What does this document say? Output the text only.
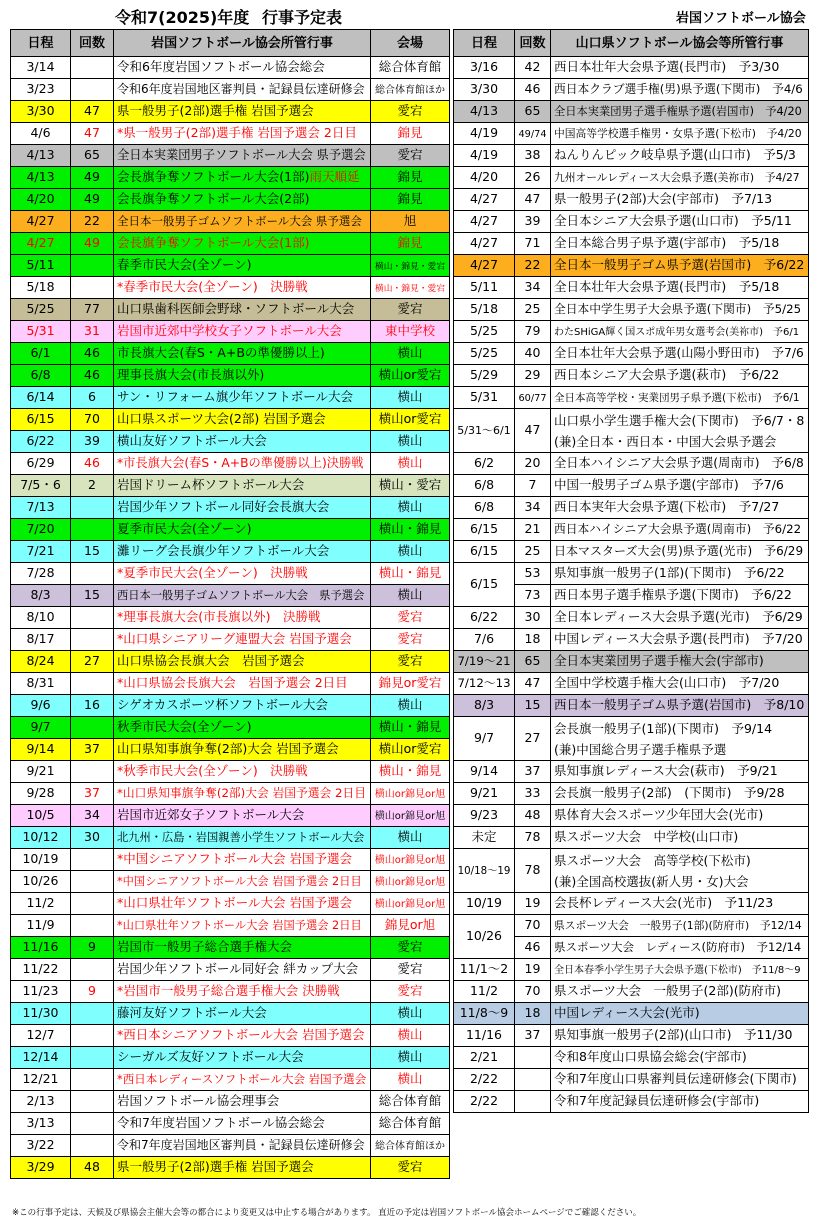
令和7(2025)年度 行事予定表	岩国ソフトボール協会
日程	回数	岩国ソフトボール協会所管行事	会場
3/14		令和6年度岩国ソフトボール協会総会	総合体育館
3/23		令和6年度岩国地区審判員・記録員伝達研修会	総合体育館ほか
3/30	47	県一般男子(2部)選手権 岩国予選会	愛宕
4/6	47	*県一般男子(2部)選手権 岩国予選会 2日目	錦見
4/13	65	全日本実業団男子ソフトボール大会 県予選会	愛宕
4/13	49	会長旗争奪ソフトボール大会(1部)雨天順延	錦見
4/20	49	会長旗争奪ソフトボール大会(2部)	錦見
4/27	22	全日本一般男子ゴムソフトボール大会 県予選会	旭
4/27	49	会長旗争奪ソフトボール大会(1部)	錦見
5/11		春季市民大会(全ゾーン)	横山・錦見・愛宕
5/18		*春季市民大会(全ゾーン)　決勝戦	横山・錦見・愛宕
5/25	77	山口県歯科医師会野球・ソフトボール大会	愛宕
5/31	31	岩国市近郊中学校女子ソフトボール大会	東中学校
6/1	46	市長旗大会(春S・A+Bの準優勝以上)	横山
6/8	46	理事長旗大会(市長旗以外)	横山or愛宕
6/14	6	サン・リフォーム旗少年ソフトボール大会	横山
6/15	70	山口県スポーツ大会(2部) 岩国予選会	横山or愛宕
6/22	39	横山友好ソフトボール大会	横山
6/29	46	*市長旗大会(春S・A+Bの準優勝以上)決勝戦	横山
7/5・6	2	岩国ドリーム杯ソフトボール大会	横山・愛宕
7/13		岩国少年ソフトボール同好会長旗大会	横山
7/20		夏季市民大会(全ゾーン)	横山・錦見
7/21	15	灘リーグ会長旗少年ソフトボール大会	横山
7/28		*夏季市民大会(全ゾーン)　決勝戦	横山・錦見
8/3	15	西日本一般男子ゴムソフトボール大会　県予選会	横山
8/10		*理事長旗大会(市長旗以外)　決勝戦	愛宕
8/17		*山口県シニアリーグ連盟大会 岩国予選会	愛宕
8/24	27	山口県協会長旗大会　岩国予選会	愛宕
8/31		*山口県協会長旗大会　岩国予選会 2日目	錦見or愛宕
9/6	16	シゲオカスポーツ杯ソフトボール大会	横山
9/7		秋季市民大会(全ゾーン)	横山・錦見
9/14	37	山口県知事旗争奪(2部)大会 岩国予選会	横山or愛宕
9/21		*秋季市民大会(全ゾーン)　決勝戦	横山・錦見
9/28	37	*山口県知事旗争奪(2部)大会 岩国予選会 2日目	横山or錦見or旭
10/5	34	岩国市近郊女子ソフトボール大会	横山or錦見or旭
10/12	30	北九州・広島・岩国親善小学生ソフトボール大会	横山
10/19		*中国シニアソフトボール大会 岩国予選会	横山or錦見or旭
10/26		*中国シニアソフトボール大会 岩国予選会 2日目	横山or錦見or旭
11/2		*山口県壮年ソフトボール大会 岩国予選会	横山or錦見or旭
11/9		*山口県壮年ソフトボール大会 岩国予選会 2日目	錦見or旭
11/16	9	岩国市一般男子総合選手権大会	愛宕
11/22		岩国少年ソフトボール同好会 絆カップ大会	愛宕
11/23	9	*岩国市一般男子総合選手権大会 決勝戦	愛宕
11/30		藤河友好ソフトボール大会	横山
12/7		*西日本シニアソフトボール大会 岩国予選会	横山
12/14		シーガルズ友好ソフトボール大会	横山
12/21		*西日本レディースソフトボール大会 岩国予選会	横山
2/13		岩国ソフトボール協会理事会	総合体育館
3/13		令和7年度岩国ソフトボール協会総会	総合体育館
3/22		令和7年度岩国地区審判員・記録員伝達研修会	総合体育館ほか
3/29	48	県一般男子(2部)選手権 岩国予選会	愛宕
日程	回数	山口県ソフトボール協会等所管行事
3/16	42	西日本壮年大会県予選(長門市)　予3/30
3/30	46	西日本クラブ選手権(男)県予選(下関市)　予4/6
4/13	65	全日本実業団男子選手権県予選(岩国市)　予4/20
4/19	49/74	中国高等学校選手権男・女県予選(下松市)　予4/20
4/19	38	ねんりんピック岐阜県予選(山口市)　予5/3
4/20	26	九州オールレディース大会県予選(美祢市)　予4/27
4/27	47	県一般男子(2部)大会(宇部市)　予7/13
4/27	39	全日本シニア大会県予選(山口市)　予5/11
4/27	71	全日本総合男子県予選(宇部市)　予5/18
4/27	22	全日本一般男子ゴム県予選(岩国市)　予6/22
5/11	34	全日本壮年大会県予選(長門市)　予5/18
5/18	25	全日本中学生男子大会県予選(下関市)　予5/25
5/25	79	わたSHiGA輝く国スポ成年男女選考会(美祢市)　予6/1
5/25	40	全日本壮年大会県予選(山陽小野田市)　予7/6
5/29	29	西日本シニア大会県予選(萩市)　予6/22
5/31	60/77	全日本高等学校・実業団男子県予選(下松市)　予6/1
5/31～6/1	47	山口県小学生選手権大会(下関市)　予6/7・8
(兼)全日本・西日本・中国大会県予選会

6/2	20	全日本ハイシニア大会県予選(周南市)　予6/8
6/8	7	中国一般男子ゴム県予選(宇部市)　予7/6
6/8	34	西日本実年大会県予選(下松市)　予7/27
6/15	21	西日本ハイシニア大会県予選(周南市)　予6/22
6/15	25	日本マスターズ大会(男)県予選(光市)　予6/29
6/15	53	県知事旗一般男子(1部)(下関市)　予6/22
	73	西日本男子選手権県予選(下関市)　予6/22
6/22	30	全日本レディース大会県予選(光市)　予6/29
7/6	18	中国レディース大会県予選(長門市)　予7/20
7/19～21	65	全日本実業団男子選手権大会(宇部市)
7/12～13	47	全国中学校選手権大会(山口市)　予7/20
8/3	15	西日本一般男子ゴム県予選(岩国市)　予8/10
9/7	27	会長旗一般男子(1部)(下関市)　予9/14
(兼)中国総合男子選手権県予選

9/14	37	県知事旗レディース大会(萩市)　予9/21
9/21	33	会長旗一般男子(2部)　(下関市)　予9/28
9/23	48	県体育大会スポーツ少年団大会(光市)
未定	78	県スポーツ大会　中学校(山口市)
10/18～19	78	県スポーツ大会　高等学校(下松市)
(兼)全国高校選抜(新人男・女)大会

10/19	19	会長杯レディース大会(光市)　予11/23
10/26	70	県スポーツ大会　一般男子(1部)(防府市)　予12/14
	46	県スポーツ大会　レディース(防府市)　予12/14
11/1～2	19	全日本春季小学生男子大会県予選(下松市)　予11/8～9
11/2	70	県スポーツ大会　一般男子(2部)(防府市)
11/8～9	18	中国レディース大会(光市)
11/16	37	県知事旗一般男子(2部)(山口市)　予11/30
2/21		令和8年度山口県協会総会(宇部市)
2/22		令和7年度山口県審判員伝達研修会(下関市)
2/22		令和7年度記録員伝達研修会(宇部市)
※この行事予定は、天候及び県協会主催大会等の都合により変更又は中止する場合があります。 直近の予定は岩国ソフトボール協会ホームページでご確認ください。
